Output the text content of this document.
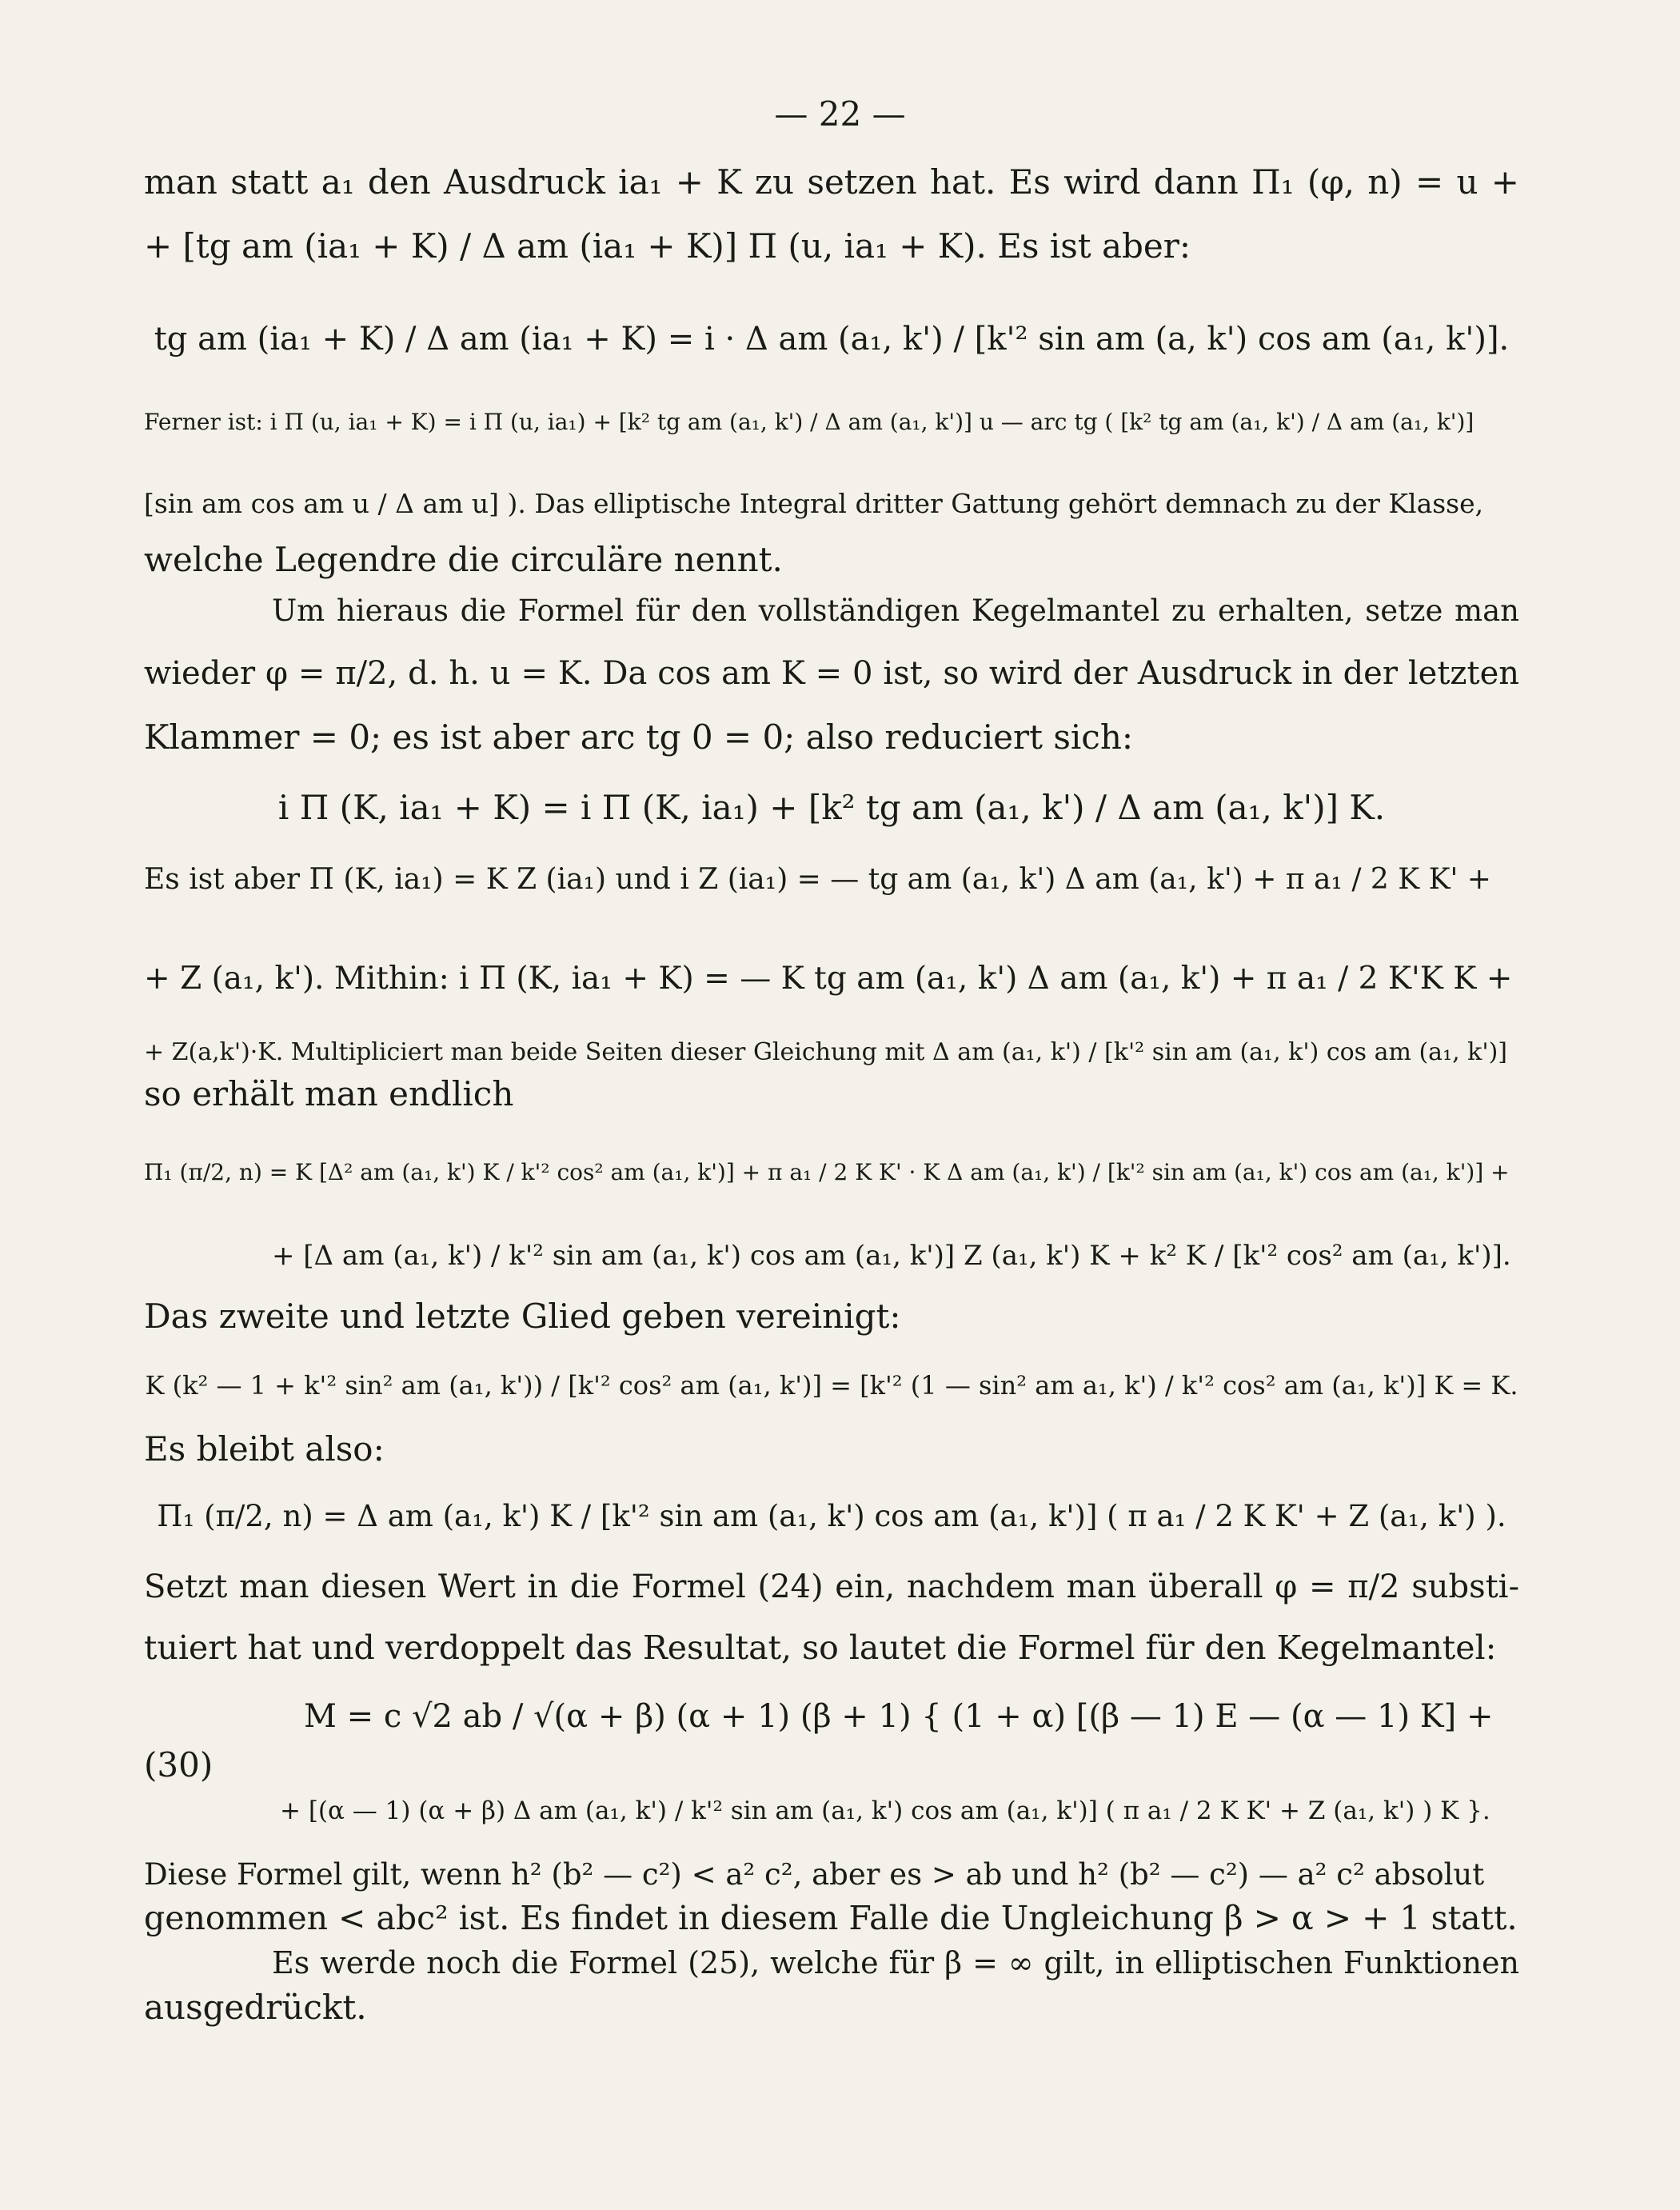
— 22 —
man statt a₁ den Ausdruck ia₁ + K zu setzen hat. Es wird dann Π₁ (φ, n) = u +
+ [tg am (ia₁ + K) / Δ am (ia₁ + K)] Π (u, ia₁ + K). Es ist aber:
tg am (ia₁ + K) / Δ am (ia₁ + K) = i · Δ am (a₁, k') / [k'² sin am (a, k') cos am (a₁, k')].
Ferner ist: i Π (u, ia₁ + K) = i Π (u, ia₁) + [k² tg am (a₁, k') / Δ am (a₁, k')] u — arc tg ( [k² tg am (a₁, k') / Δ am (a₁, k')]
[sin am cos am u / Δ am u] ). Das elliptische Integral dritter Gattung gehört demnach zu der Klasse,
welche Legendre die circuläre nennt.
Um hieraus die Formel für den vollständigen Kegelmantel zu erhalten, setze man
wieder φ = π/2, d. h. u = K. Da cos am K = 0 ist, so wird der Ausdruck in der letzten
Klammer = 0; es ist aber arc tg 0 = 0; also reduciert sich:
i Π (K, ia₁ + K) = i Π (K, ia₁) + [k² tg am (a₁, k') / Δ am (a₁, k')] K.
Es ist aber Π (K, ia₁) = K Z (ia₁) und i Z (ia₁) = — tg am (a₁, k') Δ am (a₁, k') + π a₁ / 2 K K' +
+ Z (a₁, k'). Mithin: i Π (K, ia₁ + K) = — K tg am (a₁, k') Δ am (a₁, k') + π a₁ / 2 K'K K +
+ Z(a,k')·K. Multipliciert man beide Seiten dieser Gleichung mit Δ am (a₁, k') / [k'² sin am (a₁, k') cos am (a₁, k')]
so erhält man endlich
Π₁ (π/2, n) = K [Δ² am (a₁, k') K / k'² cos² am (a₁, k')] + π a₁ / 2 K K' · K Δ am (a₁, k') / [k'² sin am (a₁, k') cos am (a₁, k')] +
+ [Δ am (a₁, k') / k'² sin am (a₁, k') cos am (a₁, k')] Z (a₁, k') K + k² K / [k'² cos² am (a₁, k')].
Das zweite und letzte Glied geben vereinigt:
K (k² — 1 + k'² sin² am (a₁, k')) / [k'² cos² am (a₁, k')] = [k'² (1 — sin² am a₁, k') / k'² cos² am (a₁, k')] K = K.
Es bleibt also:
Π₁ (π/2, n) = Δ am (a₁, k') K / [k'² sin am (a₁, k') cos am (a₁, k')] ( π a₁ / 2 K K' + Z (a₁, k') ).
Setzt man diesen Wert in die Formel (24) ein, nachdem man überall φ = π/2 substi-
tuiert hat und verdoppelt das Resultat, so lautet die Formel für den Kegelmantel:
(30)
M = c √2 ab / √(α + β) (α + 1) (β + 1) { (1 + α) [(β — 1) E — (α — 1) K] +
+ [(α — 1) (α + β) Δ am (a₁, k') / k'² sin am (a₁, k') cos am (a₁, k')] ( π a₁ / 2 K K' + Z (a₁, k') ) K }.
Diese Formel gilt, wenn h² (b² — c²) < a² c², aber es > ab und h² (b² — c²) — a² c² absolut
genommen < abc² ist. Es findet in diesem Falle die Ungleichung β > α > + 1 statt.
Es werde noch die Formel (25), welche für β = ∞ gilt, in elliptischen Funktionen
ausgedrückt.
